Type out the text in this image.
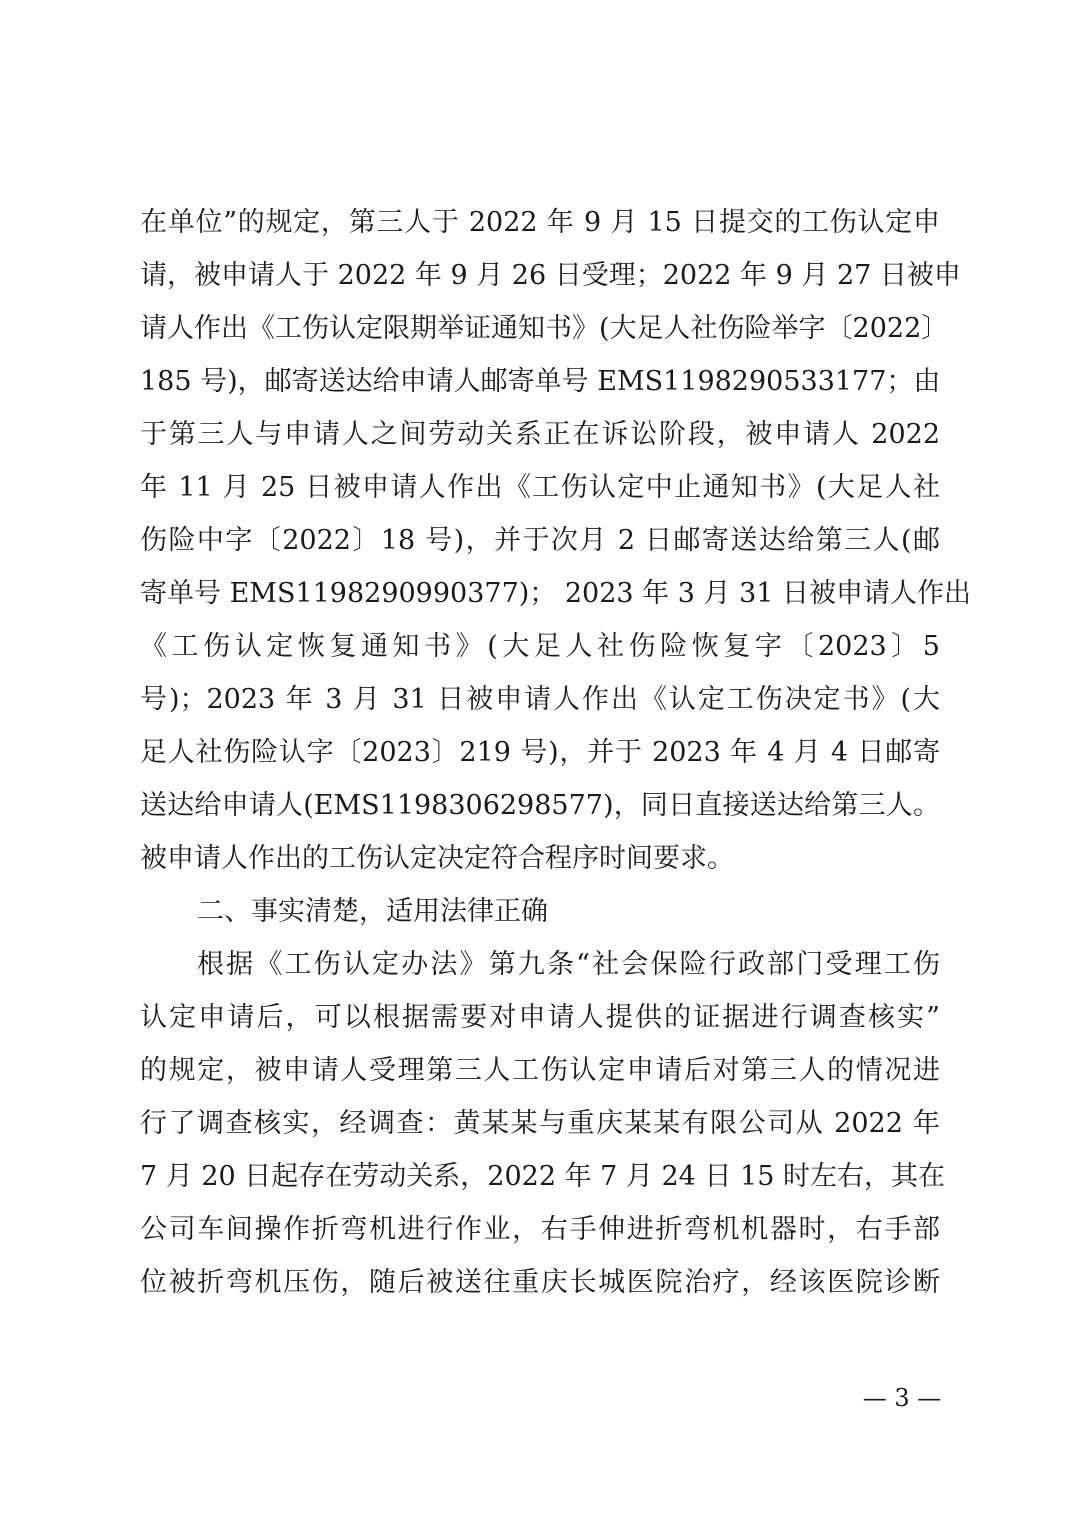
在单位”的规定，第三人于 2022 年 9 月 15 日提交的工伤认定申
请，被申请人于 2022 年 9 月 26 日受理；2022 年 9 月 27 日被申
请人作出《工伤认定限期举证通知书》(大足人社伤险举字〔2022〕
185 号)，邮寄送达给申请人邮寄单号 EMS1198290533177；由
于第三人与申请人之间劳动关系正在诉讼阶段，被申请人 2022
年 11 月 25 日被申请人作出《工伤认定中止通知书》(大足人社
伤险中字〔2022〕18 号)，并于次月 2 日邮寄送达给第三人(邮
寄单号 EMS1198290990377)； 2023 年 3 月 31 日被申请人作出
《工伤认定恢复通知书》(大足人社伤险恢复字〔2023〕5
号)；2023 年 3 月 31 日被申请人作出《认定工伤决定书》(大
足人社伤险认字〔2023〕219 号)，并于 2023 年 4 月 4 日邮寄
送达给申请人(EMS1198306298577)，同日直接送达给第三人。
被申请人作出的工伤认定决定符合程序时间要求。
二、事实清楚，适用法律正确
根据《工伤认定办法》第九条“社会保险行政部门受理工伤
认定申请后，可以根据需要对申请人提供的证据进行调查核实”
的规定，被申请人受理第三人工伤认定申请后对第三人的情况进
行了调查核实，经调查：黄某某与重庆某某有限公司从 2022 年
7 月 20 日起存在劳动关系，2022 年 7 月 24 日 15 时左右，其在
公司车间操作折弯机进行作业，右手伸进折弯机机器时，右手部
位被折弯机压伤，随后被送往重庆长城医院治疗，经该医院诊断
— 3 —
